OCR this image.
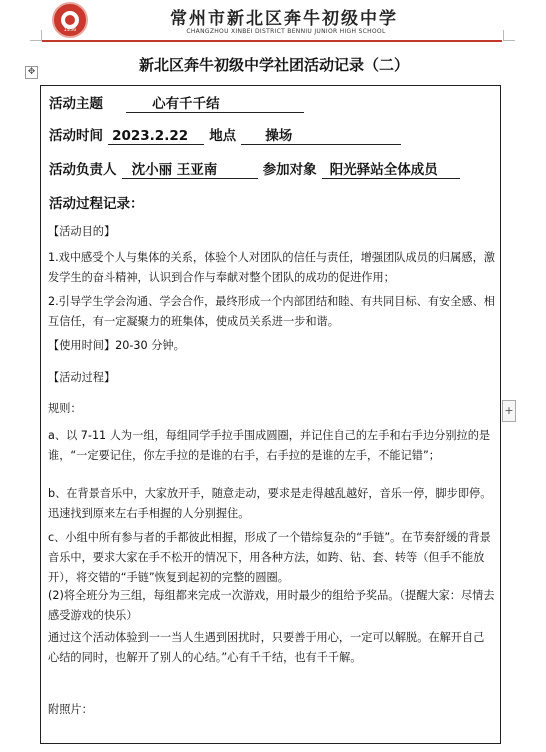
1956
常州市新北区奔牛初级中学
CHANGZHOU XINBEI DISTRICT BENNIU JUNIOR HIGH SCHOOL
✥	新北区奔牛初级中学社团活动记录（二）
活动主题	心有千千结
活动时间 2023.2.22 地点 操场
活动负责人 沈小丽 王亚南	参加对象 阳光驿站全体成员
活动过程记录：
【活动目的】
1.戏中感受个人与集体的关系，体验个人对团队的信任与责任，增强团队成员的归属感，激发学生的奋斗精神，认识到合作与奉献对整个团队的成功的促进作用；
2.引导学生学会沟通、学会合作，最终形成一个内部团结和睦、有共同目标、有安全感、相互信任，有一定凝聚力的班集体，使成员关系进一步和谐。
【使用时间】20-30 分钟。
【活动过程】
规则：
a、以 7-11 人为一组，每组同学手拉手围成圆圈，并记住自己的左手和右手边分别拉的是谁，“一定要记住，你左手拉的是谁的右手，右手拉的是谁的左手，不能记错”；
b、在背景音乐中，大家放开手，随意走动，要求是走得越乱越好，音乐一停，脚步即停。迅速找到原来左右手相握的人分别握住。
c、小组中所有参与者的手都彼此相握，形成了一个错综复杂的“手链”。在节奏舒缓的背景音乐中，要求大家在手不松开的情况下，用各种方法，如跨、钻、套、转等（但手不能放开），将交错的“手链”恢复到起初的完整的圆圈。
(2)将全班分为三组，每组都来完成一次游戏，用时最少的组给予奖品。（提醒大家：尽情去感受游戏的快乐）
通过这个活动体验到一一当人生遇到困扰时，只要善于用心，一定可以解脱。在解开自己心结的同时，也解开了别人的心结。”心有千千结，也有千千解。
附照片：
+
